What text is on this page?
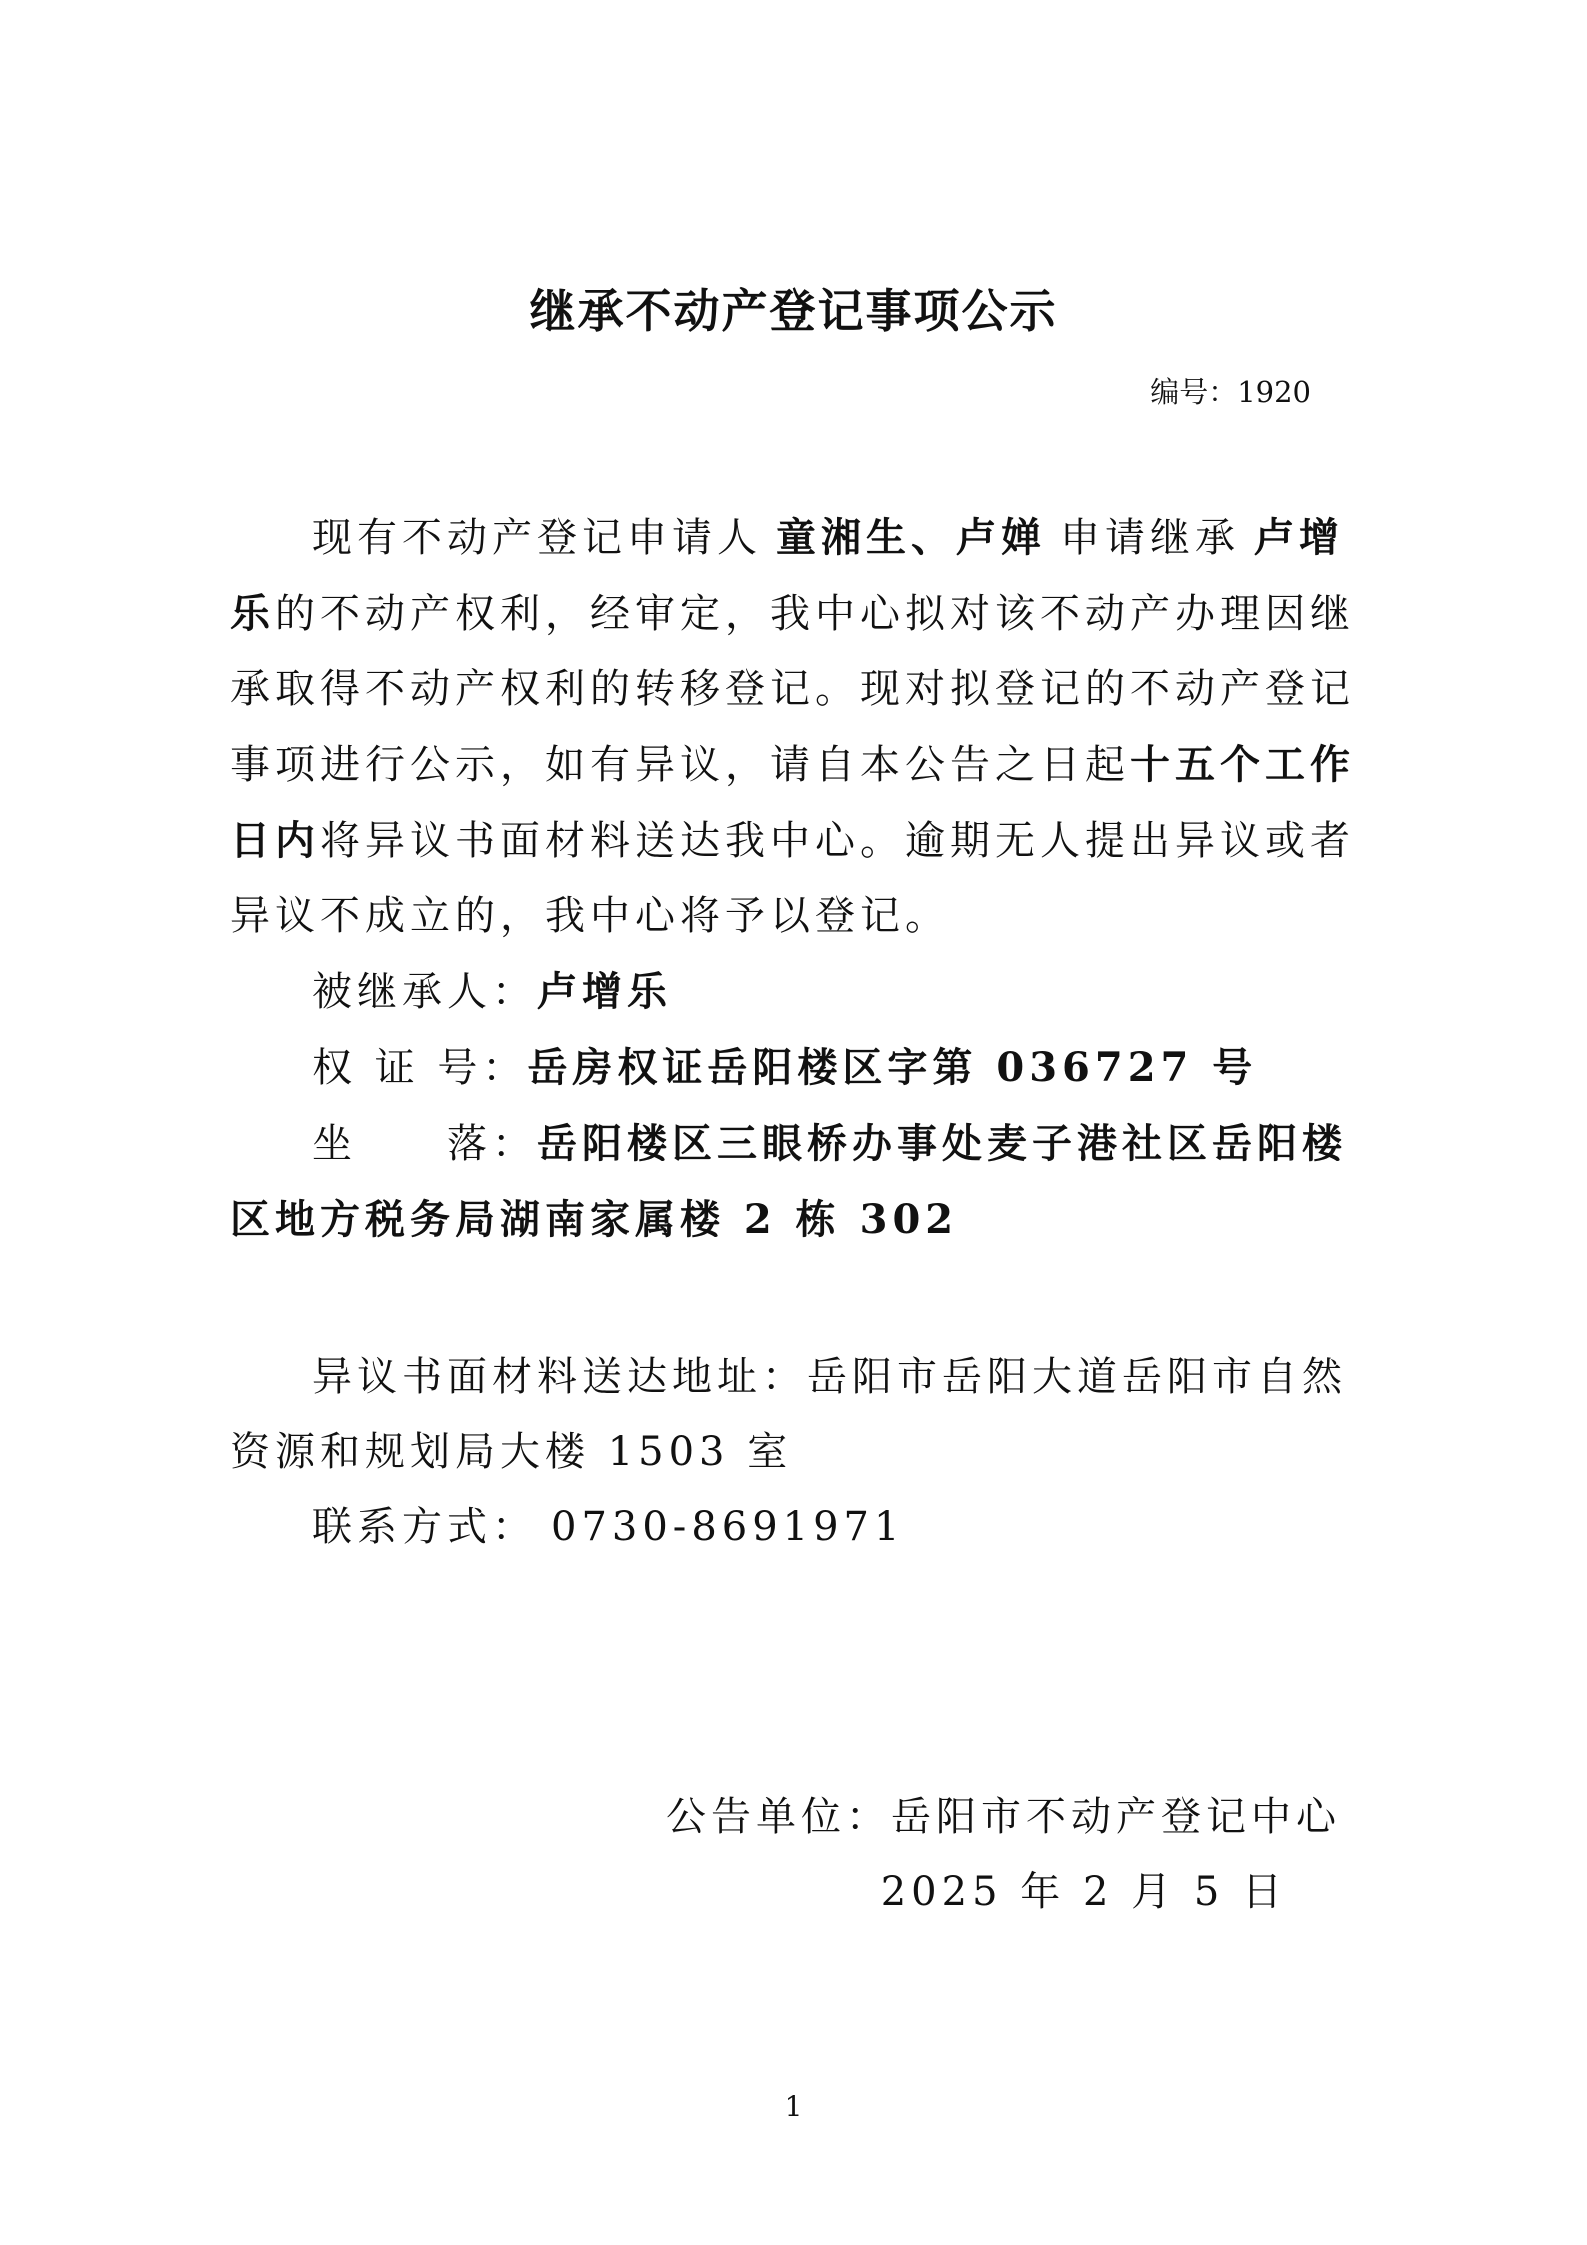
继承不动产登记事项公示
编号：1920

现有不动产登记申请人 童湘生、卢婵 申请继承 卢增乐的不动产权利，经审定，我中心拟对该不动产办理因继承取得不动产权利的转移登记。现对拟登记的不动产登记事项进行公示，如有异议，请自本公告之日起十五个工作日内将异议书面材料送达我中心。逾期无人提出异议或者异议不成立的，我中心将予以登记。

被继承人：卢增乐

权 证 号：岳房权证岳阳楼区字第 036727 号

坐　　落：岳阳楼区三眼桥办事处麦子港社区岳阳楼区地方税务局湖南家属楼 2 栋 302

异议书面材料送达地址：岳阳市岳阳大道岳阳市自然资源和规划局大楼 1503 室

联系方式： 0730-8691971

公告单位：岳阳市不动产登记中心
2025 年 2 月 5 日
1
